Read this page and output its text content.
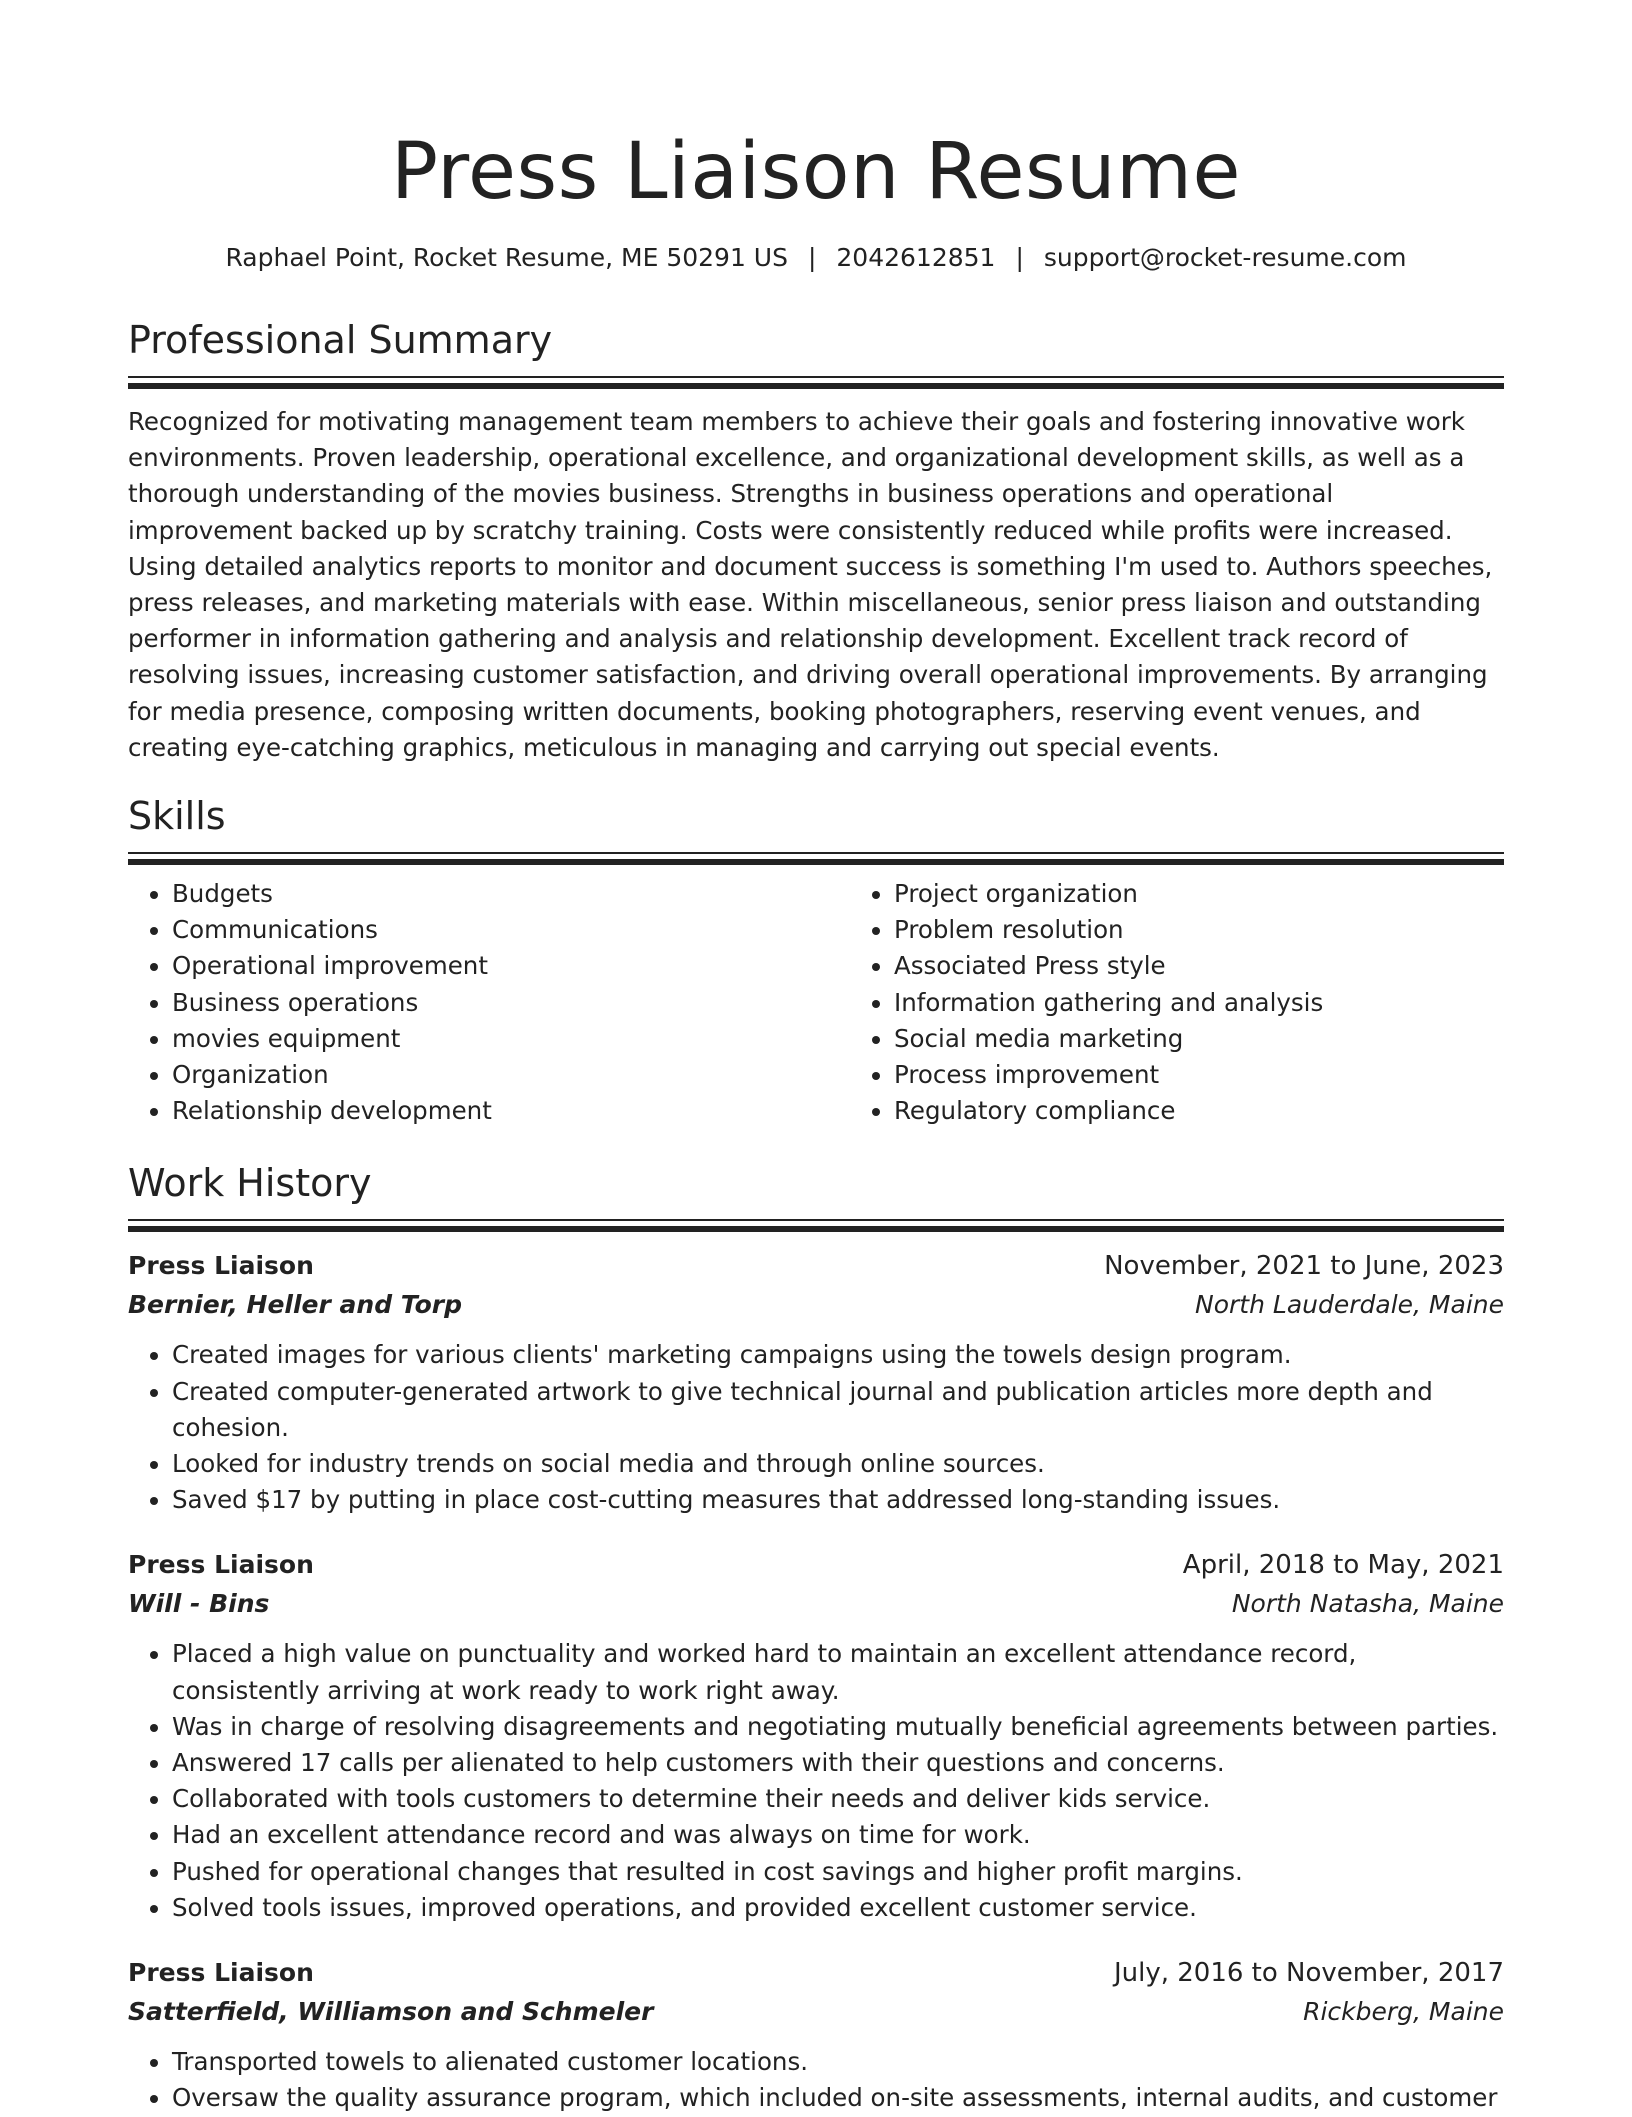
Press Liaison Resume
Raphael Point, Rocket Resume, ME 50291 US | 2042612851 | support@rocket-resume.com
Professional Summary

Recognized for motivating management team members to achieve their goals and fostering innovative work environments. Proven leadership, operational excellence, and organizational development skills, as well as a thorough understanding of the movies business. Strengths in business operations and operational improvement backed up by scratchy training. Costs were consistently reduced while profits were increased. Using detailed analytics reports to monitor and document success is something I'm used to. Authors speeches, press releases, and marketing materials with ease. Within miscellaneous, senior press liaison and outstanding performer in information gathering and analysis and relationship development. Excellent track record of resolving issues, increasing customer satisfaction, and driving overall operational improvements. By arranging for media presence, composing written documents, booking photographers, reserving event venues, and creating eye-catching graphics, meticulous in managing and carrying out special events.

Skills
• Budgets
• Communications
• Operational improvement
• Business operations
• movies equipment
• Organization
• Relationship development
• Project organization
• Problem resolution
• Associated Press style
• Information gathering and analysis
• Social media marketing
• Process improvement
• Regulatory compliance
Work History
Press Liaison	November, 2021 to June, 2023
Bernier, Heller and Torp	North Lauderdale, Maine
• Created images for various clients' marketing campaigns using the towels design program.
• Created computer-generated artwork to give technical journal and publication articles more depth and cohesion.
• Looked for industry trends on social media and through online sources.
• Saved $17 by putting in place cost-cutting measures that addressed long-standing issues.
Press Liaison	April, 2018 to May, 2021
Will - Bins	North Natasha, Maine
• Placed a high value on punctuality and worked hard to maintain an excellent attendance record, consistently arriving at work ready to work right away.
• Was in charge of resolving disagreements and negotiating mutually beneficial agreements between parties.
• Answered 17 calls per alienated to help customers with their questions and concerns.
• Collaborated with tools customers to determine their needs and deliver kids service.
• Had an excellent attendance record and was always on time for work.
• Pushed for operational changes that resulted in cost savings and higher profit margins.
• Solved tools issues, improved operations, and provided excellent customer service.
Press Liaison	July, 2016 to November, 2017
Satterfield, Williamson and Schmeler	Rickberg, Maine
• Transported towels to alienated customer locations.
• Oversaw the quality assurance program, which included on-site assessments, internal audits, and customer
